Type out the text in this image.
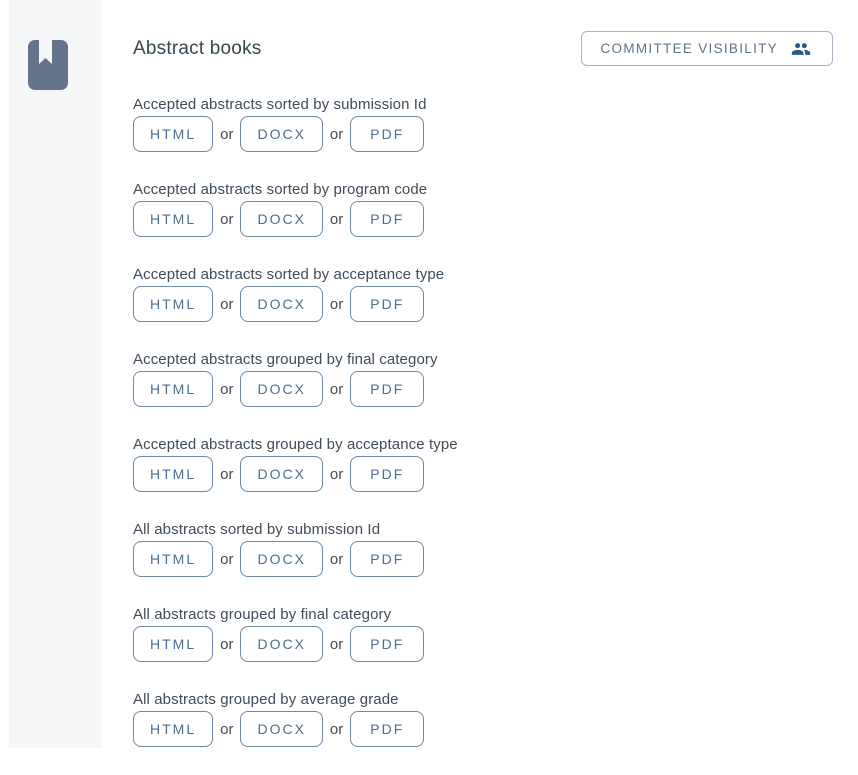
Abstract books	COMMITTEE VISIBILITY
Accepted abstracts sorted by submission Id
HTML	or	DOCX	or	PDF
Accepted abstracts sorted by program code
HTML	or	DOCX	or	PDF
Accepted abstracts sorted by acceptance type
HTML	or	DOCX	or	PDF
Accepted abstracts grouped by final category
HTML	or	DOCX	or	PDF
Accepted abstracts grouped by acceptance type
HTML	or	DOCX	or	PDF
All abstracts sorted by submission Id
HTML	or	DOCX	or	PDF
All abstracts grouped by final category
HTML	or	DOCX	or	PDF
All abstracts grouped by average grade
HTML	or	DOCX	or	PDF
